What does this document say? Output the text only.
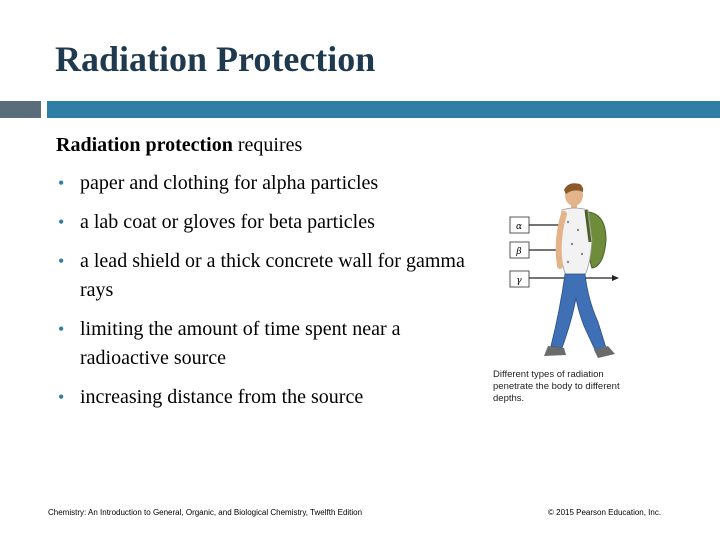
Radiation Protection

Radiation protection requires

• paper and clothing for alpha particles
• a lab coat or gloves for beta particles
• a lead shield or a thick concrete wall for gamma rays
• limiting the amount of time spent near a radioactive source
• increasing distance from the source
α
β
γ
Different types of radiation penetrate the body to different depths.
Chemistry: An Introduction to General, Organic, and Biological Chemistry, Twelfth Edition	© 2015 Pearson Education, Inc.
